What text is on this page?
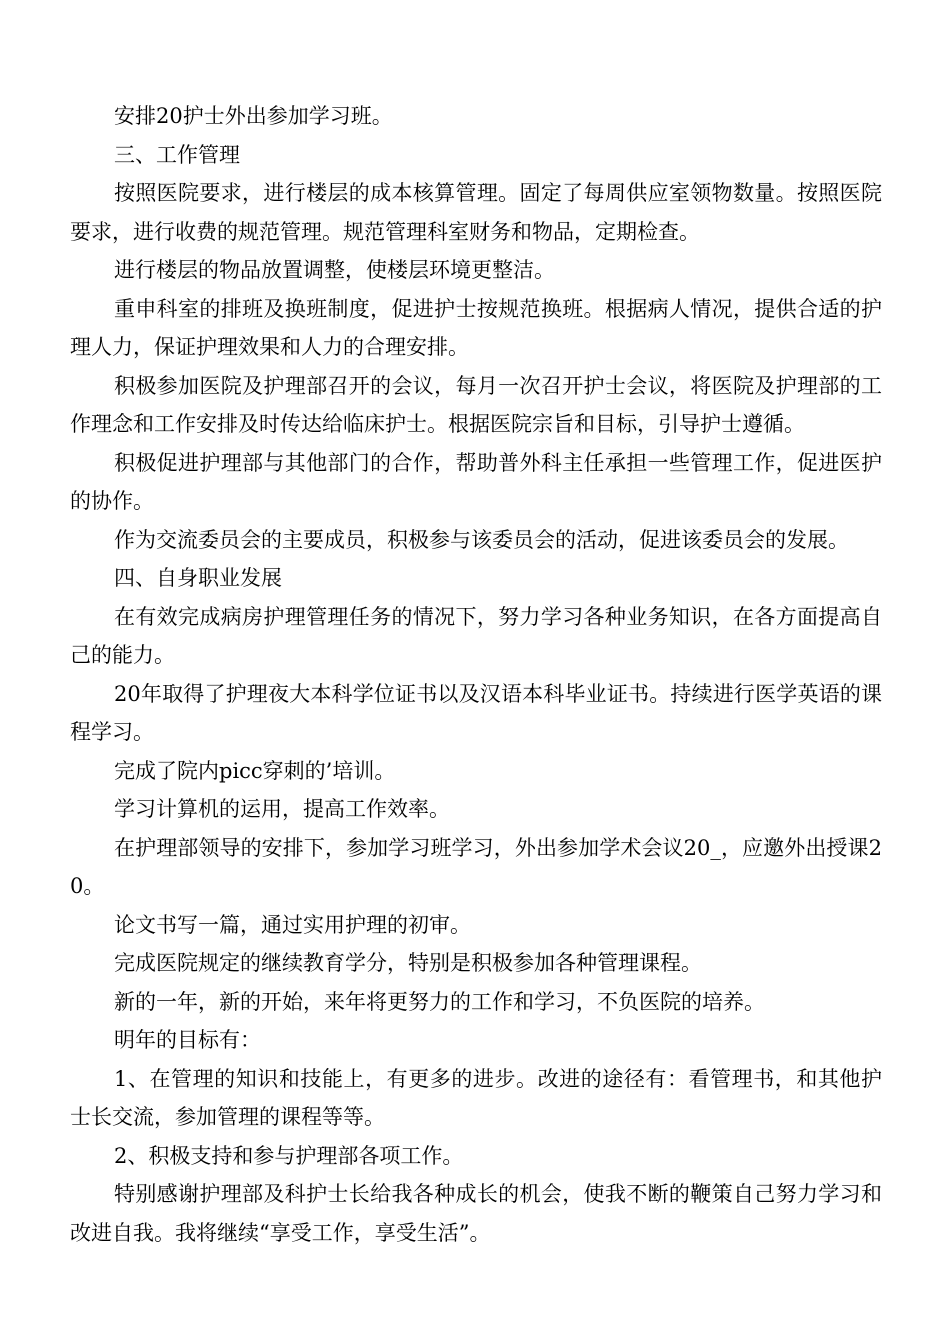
安排20护士外出参加学习班。

三、工作管理

按照医院要求，进行楼层的成本核算管理。固定了每周供应室领物数量。按照医院要求，进行收费的规范管理。规范管理科室财务和物品，定期检查。

进行楼层的物品放置调整，使楼层环境更整洁。

重申科室的排班及换班制度，促进护士按规范换班。根据病人情况，提供合适的护理人力，保证护理效果和人力的合理安排。

积极参加医院及护理部召开的会议，每月一次召开护士会议，将医院及护理部的工作理念和工作安排及时传达给临床护士。根据医院宗旨和目标，引导护士遵循。

积极促进护理部与其他部门的合作，帮助普外科主任承担一些管理工作，促进医护的协作。

作为交流委员会的主要成员，积极参与该委员会的活动，促进该委员会的发展。

四、自身职业发展

在有效完成病房护理管理任务的情况下，努力学习各种业务知识，在各方面提高自己的能力。

20年取得了护理夜大本科学位证书以及汉语本科毕业证书。持续进行医学英语的课程学习。

完成了院内picc穿刺的’培训。

学习计算机的运用，提高工作效率。

在护理部领导的安排下，参加学习班学习，外出参加学术会议20_，应邀外出授课20。

论文书写一篇，通过实用护理的初审。

完成医院规定的继续教育学分，特别是积极参加各种管理课程。

新的一年，新的开始，来年将更努力的工作和学习，不负医院的培养。

明年的目标有：

1、在管理的知识和技能上，有更多的进步。改进的途径有：看管理书，和其他护士长交流，参加管理的课程等等。

2、积极支持和参与护理部各项工作。

特别感谢护理部及科护士长给我各种成长的机会，使我不断的鞭策自己努力学习和改进自我。我将继续“享受工作，享受生活”。
